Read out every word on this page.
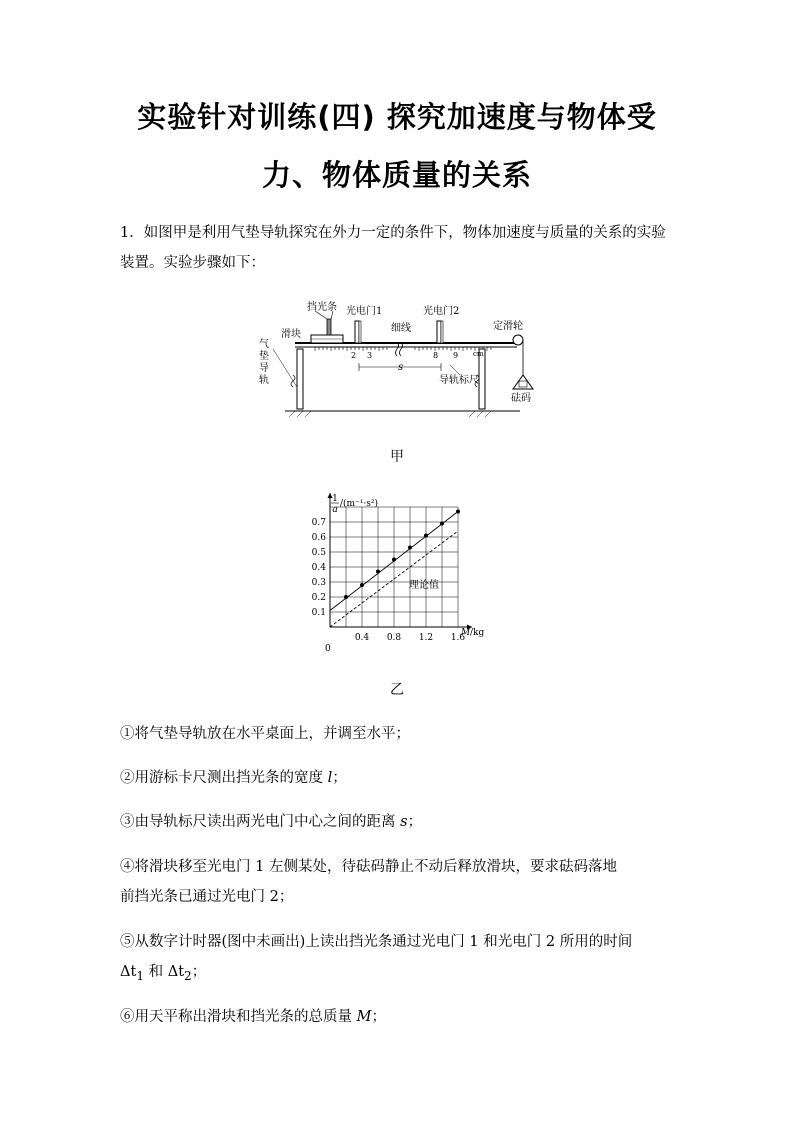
实验针对训练(四) 探究加速度与物体受
力、物体质量的关系
1．如图甲是利用气垫导轨探究在外力一定的条件下，物体加速度与质量的关系的实验装置。实验步骤如下：
挡光条 光电门1	光电门2
定滑轮
滑块
细线
气
垫
导
轨	导轨标尺
砝码
s
2 3	8 9 cm
甲
0.4 0.8 1.2 1.6
0.1
0.2
0.3
0.4
0.5
0.6
0.7
1
a
/(m⁻¹·s²)
M /kg
0
理论值
乙
①将气垫导轨放在水平桌面上，并调至水平；
②用游标卡尺测出挡光条的宽度 l；
③由导轨标尺读出两光电门中心之间的距离 s；
④将滑块移至光电门 1 左侧某处，待砝码静止不动后释放滑块，要求砝码落地
前挡光条已通过光电门 2；
⑤从数字计时器(图中未画出)上读出挡光条通过光电门 1 和光电门 2 所用的时间
$\Delta t_1$ 和 $\Delta t_2$；
⑥用天平称出滑块和挡光条的总质量 M；
